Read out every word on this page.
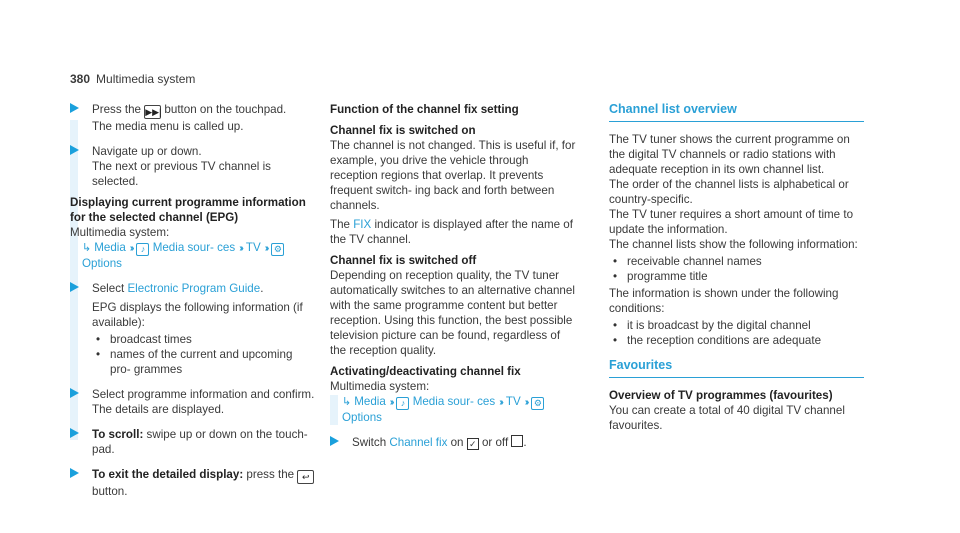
380 Multimedia system

Press the ▶▶| button on the touchpad.

The media menu is called up.

Navigate up or down.

The next or previous TV channel is selected.

Displaying current programme information for the selected channel (EPG)

Multimedia system:

↳ Media ›› ♪ Media sour- ces ›› TV ›› ⚙ Options

Select Electronic Program Guide.

EPG displays the following information (if available):

• broadcast times
• names of the current and upcoming pro- grammes

Select programme information and confirm. The details are displayed.

To scroll: swipe up or down on the touch- pad.

To exit the detailed display: press the ↩ button.

Function of the channel fix setting

Channel fix is switched on

The channel is not changed. This is useful if, for example, you drive the vehicle through reception regions that overlap. It prevents frequent switch- ing back and forth between channels.

The FIX indicator is displayed after the name of the TV channel.

Channel fix is switched off

Depending on reception quality, the TV tuner automatically switches to an alternative channel with the same programme content but better reception. Using this function, the best possible television picture can be found, regardless of the reception quality.

Activating/deactivating channel fix

Multimedia system:

↳ Media ›› ♪ Media sour- ces ›› TV ›› ⚙ Options

Switch Channel fix on ✓ or off .

Channel list overview

The TV tuner shows the current programme on the digital TV channels or radio stations with adequate reception in its own channel list.

The order of the channel lists is alphabetical or country-specific.

The TV tuner requires a short amount of time to update the information.

The channel lists show the following information:

• receivable channel names
• programme title

The information is shown under the following conditions:

• it is broadcast by the digital channel
• the reception conditions are adequate
Favourites

Overview of TV programmes (favourites)

You can create a total of 40 digital TV channel favourites.
